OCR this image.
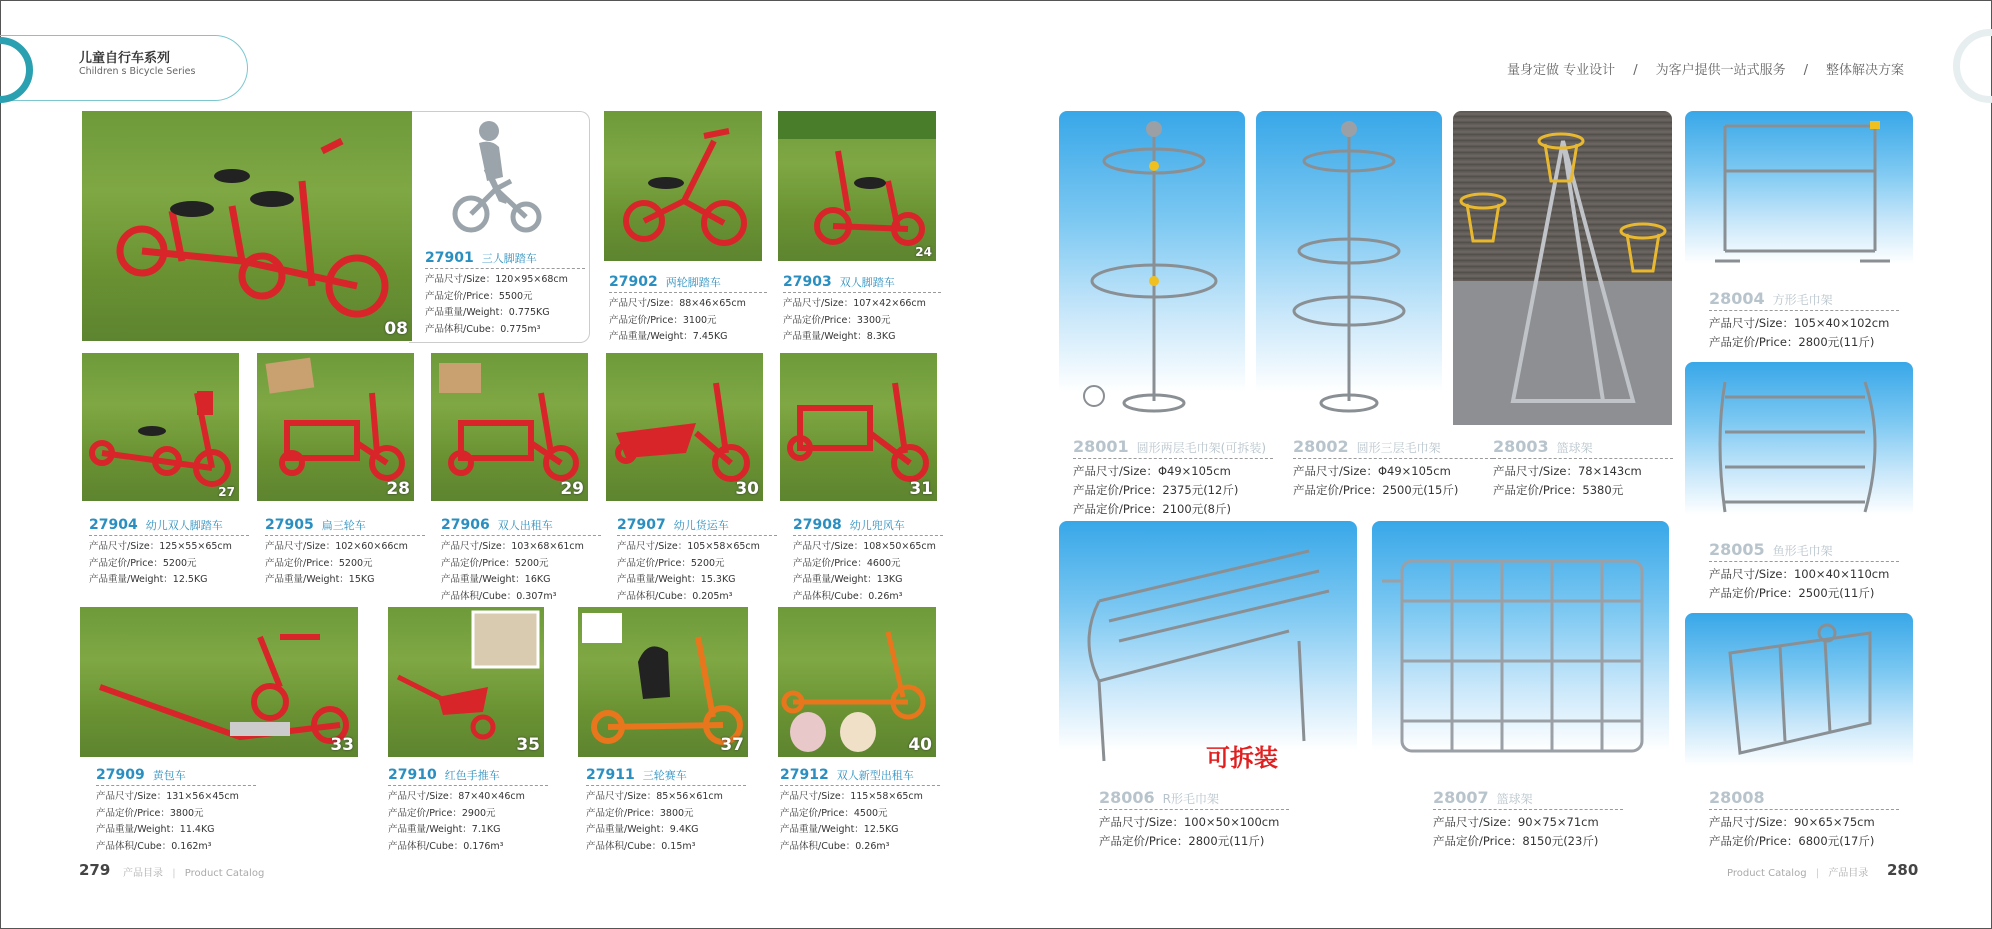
儿童自行车系列
Children s Bicycle Series	量身定做 专业设计 / 为客户提供一站式服务 / 整体解决方案
08
24
27	28	29	30	31
33	35	37	40
27901 三人脚踏车
产品尺寸/Size：120×95×68cm
产品定价/Price：5500元
产品重量/Weight：0.775KG
产品体积/Cube：0.775m³
27902 两轮脚踏车
产品尺寸/Size：88×46×65cm
产品定价/Price：3100元
产品重量/Weight：7.45KG
27903 双人脚踏车
产品尺寸/Size：107×42×66cm
产品定价/Price：3300元
产品重量/Weight：8.3KG
27904 幼儿双人脚踏车
产品尺寸/Size：125×55×65cm
产品定价/Price：5200元
产品重量/Weight：12.5KG
27905 扁三轮车
产品尺寸/Size：102×60×66cm
产品定价/Price：5200元
产品重量/Weight：15KG
27906 双人出租车
产品尺寸/Size：103×68×61cm
产品定价/Price：5200元
产品重量/Weight：16KG
产品体积/Cube：0.307m³
27907 幼儿货运车
产品尺寸/Size：105×58×65cm
产品定价/Price：5200元
产品重量/Weight：15.3KG
产品体积/Cube：0.205m³
27908 幼儿兜风车
产品尺寸/Size：108×50×65cm
产品定价/Price：4600元
产品重量/Weight：13KG
产品体积/Cube：0.26m³
27909 黄包车
产品尺寸/Size：131×56×45cm
产品定价/Price：3800元
产品重量/Weight：11.4KG
产品体积/Cube：0.162m³
27910 红色手推车
产品尺寸/Size：87×40×46cm
产品定价/Price：2900元
产品重量/Weight：7.1KG
产品体积/Cube：0.176m³
27911 三轮赛车
产品尺寸/Size：85×56×61cm
产品定价/Price：3800元
产品重量/Weight：9.4KG
产品体积/Cube：0.15m³
27912 双人新型出租车
产品尺寸/Size：115×58×65cm
产品定价/Price：4500元
产品重量/Weight：12.5KG
产品体积/Cube：0.26m³
可拆装
28001 圆形两层毛巾架(可拆装)
产品尺寸/Size：Φ49×105cm
产品定价/Price：2375元(12斤)
产品定价/Price：2100元(8斤)
28002 圆形三层毛巾架
产品尺寸/Size：Φ49×105cm
产品定价/Price：2500元(15斤)
28003 篮球架
产品尺寸/Size：78×143cm
产品定价/Price：5380元
28004 方形毛巾架
产品尺寸/Size：105×40×102cm
产品定价/Price：2800元(11斤)
28005 鱼形毛巾架
产品尺寸/Size：100×40×110cm
产品定价/Price：2500元(11斤)
28006 R形毛巾架
产品尺寸/Size：100×50×100cm
产品定价/Price：2800元(11斤)
28007 篮球架
产品尺寸/Size：90×75×71cm
产品定价/Price：8150元(23斤)
28008
产品尺寸/Size：90×65×75cm
产品定价/Price：6800元(17斤)
279 产品目录 | Product Catalog	Product Catalog | 产品目录 280
